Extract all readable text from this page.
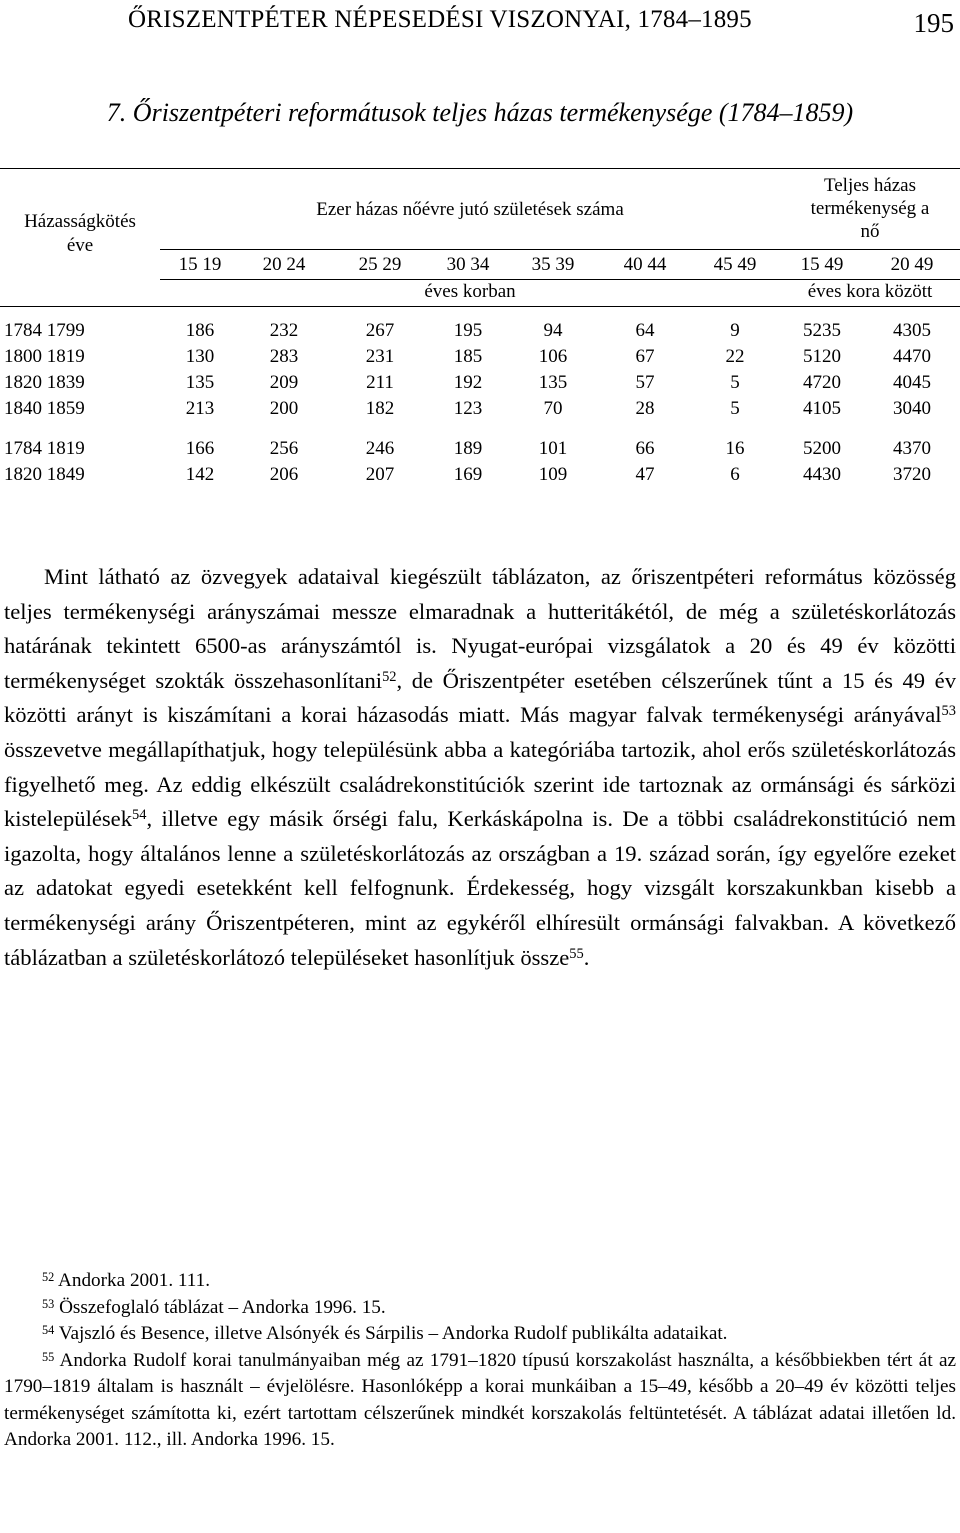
ŐRISZENTPÉTER NÉPESEDÉSI VISZONYAI, 1784–1895	195
7. Őriszentpéteri reformátusok teljes házas termékenysége (1784–1859)
Házasságkötés
éve
Ezer házas nőévre jutó születések száma
Teljes házas
termékenység a
nő
15 19	20 24	25 29	30 34	35 39	40 44	45 49	15 49	20 49
éves korban	éves kora között
1784 1799	186	232	267	195	94	64	9	5235	4305
1800 1819	130	283	231	185	106	67	22	5120	4470
1820 1839	135	209	211	192	135	57	5	4720	4045
1840 1859	213	200	182	123	70	28	5	4105	3040
1784 1819	166	256	246	189	101	66	16	5200	4370
1820 1849	142	206	207	169	109	47	6	4430	3720

Mint látható az özvegyek adataival kiegészült táblázaton, az őriszentpéteri református közösség teljes termékenységi arányszámai messze elmaradnak a hutteritákétól, de még a születéskorlátozás határának tekintett 6500-as arányszámtól is. Nyugat-európai vizsgálatok a 20 és 49 év közötti termékenységet szokták összehasonlítani$^{52}$, de Őriszentpéter esetében célszerűnek tűnt a 15 és 49 év közötti arányt is kiszámítani a korai házasodás miatt. Más magyar falvak termékenységi arányával$^{53}$ összevetve megállapíthatjuk, hogy településünk abba a kategóriába tartozik, ahol erős születéskorlátozás figyelhető meg. Az eddig elkészült családrekonstitúciók szerint ide tartoznak az ormánsági és sárközi kistelepülések$^{54}$, illetve egy másik őrségi falu, Kerkáskápolna is. De a többi családrekonstitúció nem igazolta, hogy általános lenne a születéskorlátozás az országban a 19. század során, így egyelőre ezeket az adatokat egyedi esetekként kell felfognunk. Érdekesség, hogy vizsgált korszakunkban kisebb a termékenységi arány Őriszentpéteren, mint az egykéről elhíresült ormánsági falvakban. A következő táblázatban a születéskorlátozó településeket hasonlítjuk össze$^{55}$.

$^{52}$ Andorka 2001. 111.
$^{53}$ Összefoglaló táblázat – Andorka 1996. 15.
$^{54}$ Vajszló és Besence, illetve Alsónyék és Sárpilis – Andorka Rudolf publikálta adataikat.
$^{55}$ Andorka Rudolf korai tanulmányaiban még az 1791–1820 típusú korszakolást használta, a későbbiekben tért át az 1790–1819 általam is használt – évjelölésre. Hasonlóképp a korai munkáiban a 15–49, később a 20–49 év közötti teljes termékenységet számította ki, ezért tartottam célszerűnek mindkét korszakolás feltüntetését. A táblázat adatai illetően ld. Andorka 2001. 112., ill. Andorka 1996. 15.
